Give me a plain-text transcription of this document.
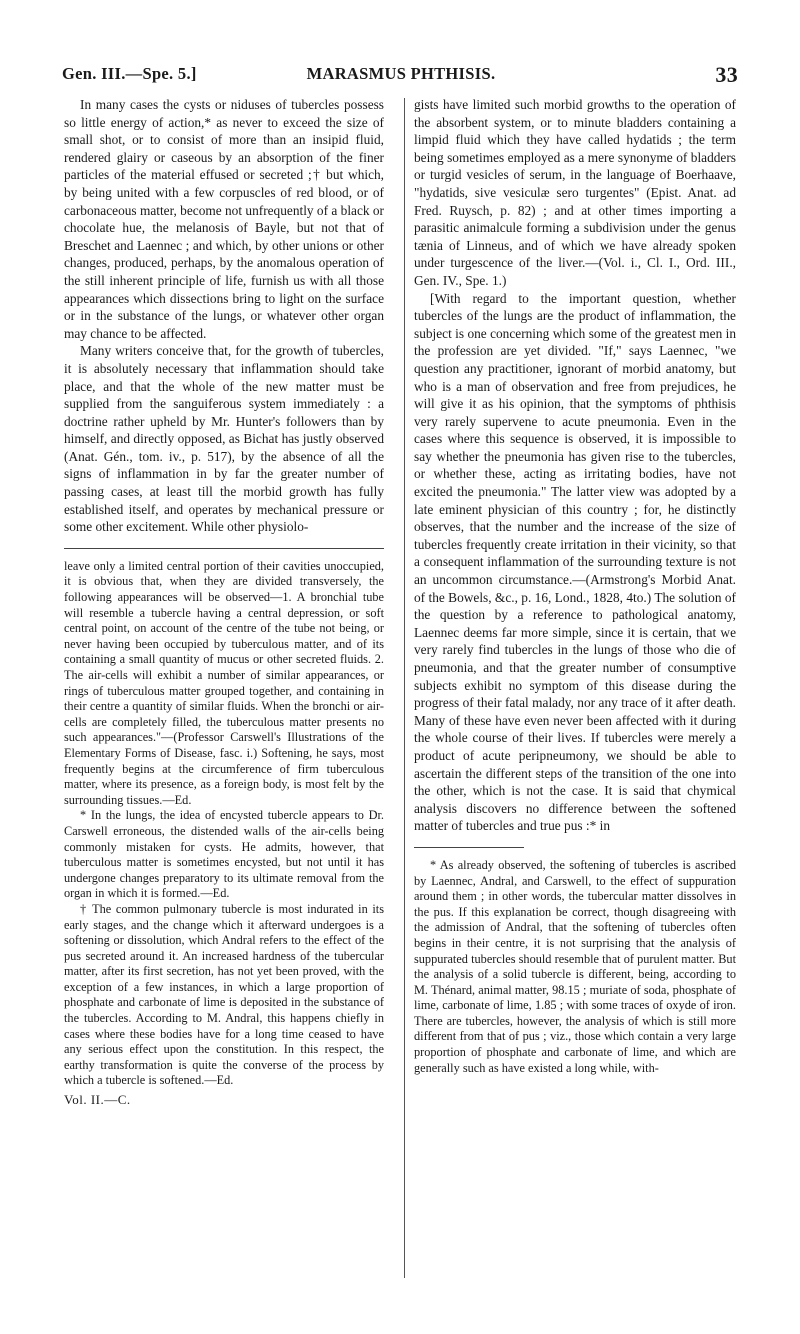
Gen. III.—Spe. 5.]	MARASMUS PHTHISIS.	33

In many cases the cysts or niduses of tubercles possess so little energy of action,* as never to exceed the size of small shot, or to consist of more than an insipid fluid, rendered glairy or caseous by an absorption of the finer particles of the material effused or secreted ;† but which, by being united with a few corpuscles of red blood, or of carbonaceous matter, become not unfrequently of a black or chocolate hue, the melanosis of Bayle, but not that of Breschet and Laennec ; and which, by other unions or other changes, produced, perhaps, by the anomalous operation of the still inherent principle of life, furnish us with all those appearances which dissections bring to light on the surface or in the substance of the lungs, or whatever other organ may chance to be affected.

Many writers conceive that, for the growth of tubercles, it is absolutely necessary that inflammation should take place, and that the whole of the new matter must be supplied from the sanguiferous system immediately : a doctrine rather upheld by Mr. Hunter's followers than by himself, and directly opposed, as Bichat has justly observed (Anat. Gén., tom. iv., p. 517), by the absence of all the signs of inflammation in by far the greater number of passing cases, at least till the morbid growth has fully established itself, and operates by mechanical pressure or some other excitement. While other physiolo-

leave only a limited central portion of their cavities unoccupied, it is obvious that, when they are divided transversely, the following appearances will be observed—1. A bronchial tube will resemble a tubercle having a central depression, or soft central point, on account of the centre of the tube not being, or never having been occupied by tuberculous matter, and of its containing a small quantity of mucus or other secreted fluids. 2. The air-cells will exhibit a number of similar appearances, or rings of tuberculous matter grouped together, and containing in their centre a quantity of similar fluids. When the bronchi or air-cells are completely filled, the tuberculous matter presents no such appearances."—(Professor Carswell's Illustrations of the Elementary Forms of Disease, fasc. i.) Softening, he says, most frequently begins at the circumference of firm tuberculous matter, where its presence, as a foreign body, is most felt by the surrounding tissues.—Ed.

* In the lungs, the idea of encysted tubercle appears to Dr. Carswell erroneous, the distended walls of the air-cells being commonly mistaken for cysts. He admits, however, that tuberculous matter is sometimes encysted, but not until it has undergone changes preparatory to its ultimate removal from the organ in which it is formed.—Ed.

† The common pulmonary tubercle is most indurated in its early stages, and the change which it afterward undergoes is a softening or dissolution, which Andral refers to the effect of the pus secreted around it. An increased hardness of the tubercular matter, after its first secretion, has not yet been proved, with the exception of a few instances, in which a large proportion of phosphate and carbonate of lime is deposited in the substance of the tubercles. According to M. Andral, this happens chiefly in cases where these bodies have for a long time ceased to have any serious effect upon the constitution. In this respect, the earthy transformation is quite the converse of the process by which a tubercle is softened.—Ed.

Vol. II.—C.

gists have limited such morbid growths to the operation of the absorbent system, or to minute bladders containing a limpid fluid which they have called hydatids ; the term being sometimes employed as a mere synonyme of bladders or turgid vesicles of serum, in the language of Boerhaave, "hydatids, sive vesiculæ sero turgentes" (Epist. Anat. ad Fred. Ruysch, p. 82) ; and at other times importing a parasitic animalcule forming a subdivision under the genus tænia of Linneus, and of which we have already spoken under turgescence of the liver.—(Vol. i., Cl. I., Ord. III., Gen. IV., Spe. 1.)

[With regard to the important question, whether tubercles of the lungs are the product of inflammation, the subject is one concerning which some of the greatest men in the profession are yet divided. "If," says Laennec, "we question any practitioner, ignorant of morbid anatomy, but who is a man of observation and free from prejudices, he will give it as his opinion, that the symptoms of phthisis very rarely supervene to acute pneumonia. Even in the cases where this sequence is observed, it is impossible to say whether the pneumonia has given rise to the tubercles, or whether these, acting as irritating bodies, have not excited the pneumonia." The latter view was adopted by a late eminent physician of this country ; for, he distinctly observes, that the number and the increase of the size of tubercles frequently create irritation in their vicinity, so that a consequent inflammation of the surrounding texture is not an uncommon circumstance.—(Armstrong's Morbid Anat. of the Bowels, &c., p. 16, Lond., 1828, 4to.) The solution of the question by a reference to pathological anatomy, Laennec deems far more simple, since it is certain, that we very rarely find tubercles in the lungs of those who die of pneumonia, and that the greater number of consumptive subjects exhibit no symptom of this disease during the progress of their fatal malady, nor any trace of it after death. Many of these have even never been affected with it during the whole course of their lives. If tubercles were merely a product of acute peripneumony, we should be able to ascertain the different steps of the transition of the one into the other, which is not the case. It is said that chymical analysis discovers no difference between the softened matter of tubercles and true pus :* in

* As already observed, the softening of tubercles is ascribed by Laennec, Andral, and Carswell, to the effect of suppuration around them ; in other words, the tubercular matter dissolves in the pus. If this explanation be correct, though disagreeing with the admission of Andral, that the softening of tubercles often begins in their centre, it is not surprising that the analysis of suppurated tubercles should resemble that of purulent matter. But the analysis of a solid tubercle is different, being, according to M. Thénard, animal matter, 98.15 ; muriate of soda, phosphate of lime, carbonate of lime, 1.85 ; with some traces of oxyde of iron. There are tubercles, however, the analysis of which is still more different from that of pus ; viz., those which contain a very large proportion of phosphate and carbonate of lime, and which are generally such as have existed a long while, with-
